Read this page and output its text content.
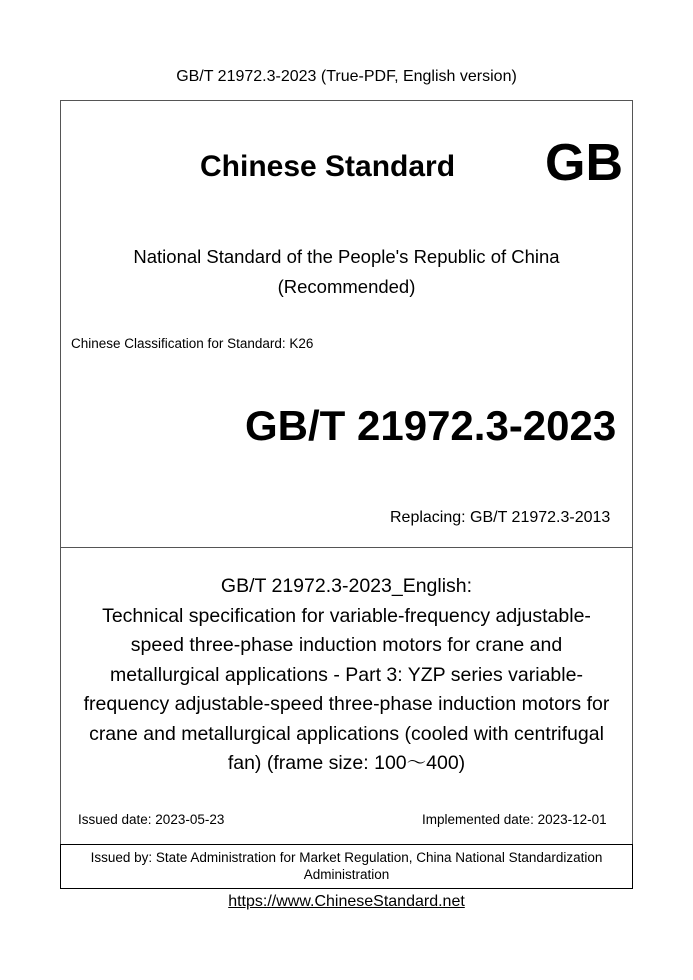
GB/T 21972.3-2023 (True-PDF, English version)
Chinese Standard GB
National Standard of the People's Republic of China
(Recommended)
Chinese Classification for Standard: K26
GB/T 21972.3-2023
Replacing: GB/T 21972.3-2013
GB/T 21972.3-2023_English:
Technical specification for variable-frequency adjustable-
speed three-phase induction motors for crane and
metallurgical applications - Part 3: YZP series variable-
frequency adjustable-speed three-phase induction motors for
crane and metallurgical applications (cooled with centrifugal
fan) (frame size: 100～400)
Issued date: 2023-05-23	Implemented date: 2023-12-01
Issued by: State Administration for Market Regulation, China National Standardization
Administration
https://www.ChineseStandard.net
